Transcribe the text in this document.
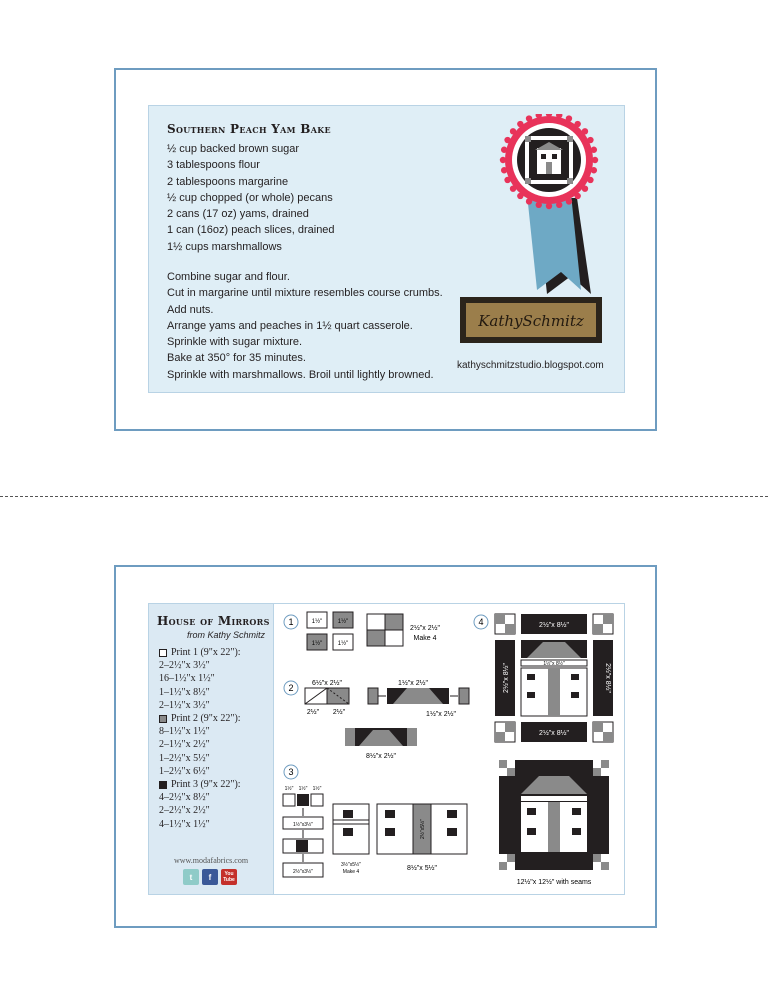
Southern Peach Yam Bake
½ cup backed brown sugar
3 tablespoons flour
2 tablespoons margarine
½ cup chopped (or whole) pecans
2 cans (17 oz) yams, drained
1 can (16oz) peach slices, drained
1½ cups marshmallows
Combine sugar and flour.
Cut in margarine until mixture resembles course crumbs.
Add nuts.
Arrange yams and peaches in 1½ quart casserole.
Sprinkle with sugar mixture.
Bake at 350° for 35 minutes.
Sprinkle with marshmallows. Broil until lightly browned.
KathySchmitz
kathyschmitzstudio.blogspot.com
House of Mirrors
from Kathy Schmitz
Print 1 (9"x 22"):
2–2½"x 3½"
16–1½"x 1½"
1–1½"x 8½"
2–1½"x 3½"
Print 2 (9"x 22"):
8–1½"x 1½"
2–1½"x 2½"
1–2½"x 5½"
1–2½"x 6½"
Print 3 (9"x 22"):
4–2½"x 8½"
2–2½"x 2½"
4–1½"x 1½"
www.modafabrics.com
t	f	You Tube
1	1½"	1½"
1½"	1½"
2½"x 2½"
Make 4
2	6½"x 2½"
2½" 2½"
1½"x 2½"
1½"x 2½"
8½"x 2½"
3
1½" 1½" 1½"
1½"x3½"
2½"x3½"
3½"x5½"
Make 4
2½"x5½"
8½"x 5½"
4	2½"x 8½"
2½"x 8½"	1½"x 8½"	2½"x 8½"
2½"x 8½"
12½"x 12½" with seams
